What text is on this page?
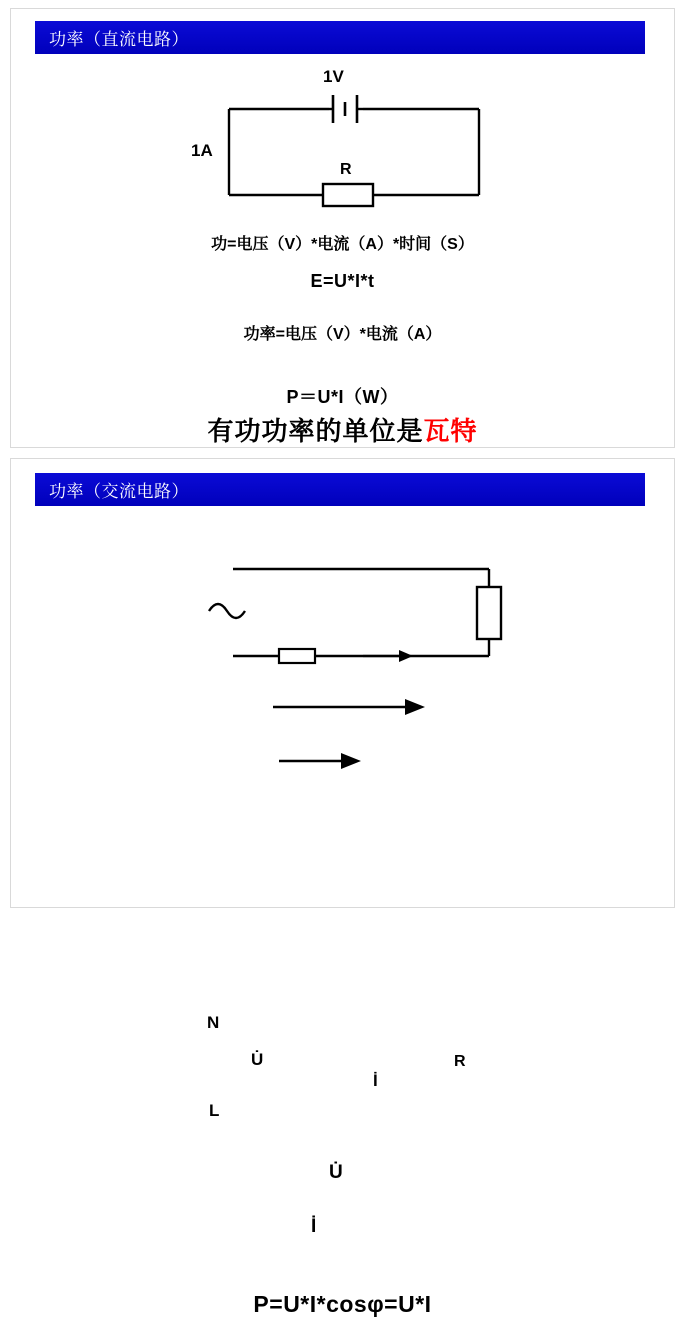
功率（直流电路）
1V
1A
R
功=电压（V）*电流（A）*时间（S）
E=U*I*t
功率=电压（V）*电流（A）
P＝U*I（W）
有功功率的单位是瓦特
功率（交流电路）
N
L
U̇
İ
R
U̇
İ
P=U*I*cosφ=U*I
